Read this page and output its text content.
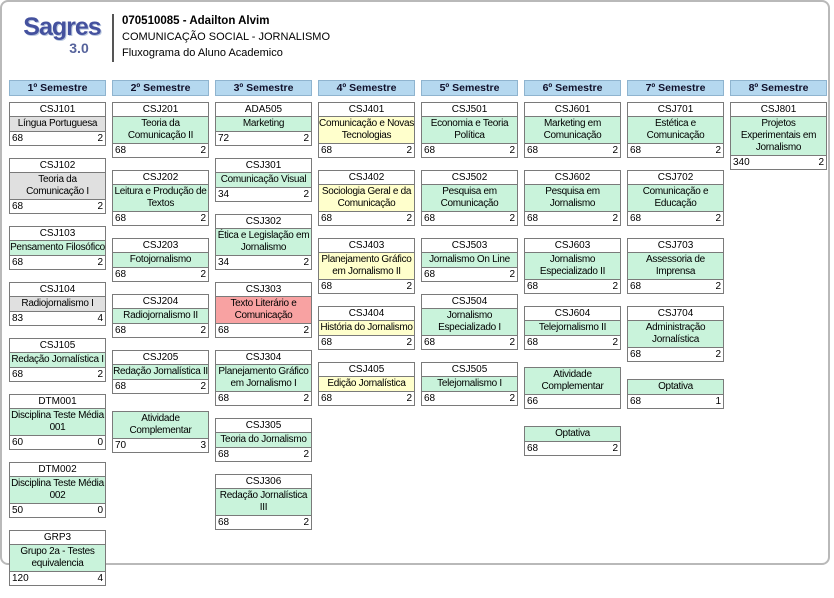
Sagres
3.0
070510085 - Adailton Alvim
COMUNICAÇÃO SOCIAL - JORNALISMO
Fluxograma do Aluno Academico
1º Semestre
CSJ101
Língua Portuguesa
68	2
CSJ102
Teoria da Comunicação I
68	2
CSJ103
Pensamento Filosófico
68	2
CSJ104
Radiojornalismo I
83	4
CSJ105
Redação Jornalística I
68	2
DTM001
Disciplina Teste Média 001
60	0
DTM002
Disciplina Teste Média 002
50	0
GRP3
Grupo 2a - Testes equivalencia
120	4
2º Semestre
CSJ201
Teoria da Comunicação II
68	2
CSJ202
Leitura e Produção de Textos
68	2
CSJ203
Fotojornalismo
68	2
CSJ204
Radiojornalismo II
68	2
CSJ205
Redação Jornalística II
68	2
Atividade Complementar
70	3
3º Semestre
ADA505
Marketing
72	2
CSJ301
Comunicação Visual
34	2
CSJ302
Ética e Legislação em Jornalismo
34	2
CSJ303
Texto Literário e Comunicação
68	2
CSJ304
Planejamento Gráfico em Jornalismo I
68	2
CSJ305
Teoria do Jornalismo
68	2
CSJ306
Redação Jornalística III
68	2
4º Semestre
CSJ401
Comunicação e Novas Tecnologias
68	2
CSJ402
Sociologia Geral e da Comunicação
68	2
CSJ403
Planejamento Gráfico em Jornalismo II
68	2
CSJ404
História do Jornalismo
68	2
CSJ405
Edição Jornalística
68	2
5º Semestre
CSJ501
Economia e Teoria Política
68	2
CSJ502
Pesquisa em Comunicação
68	2
CSJ503
Jornalismo On Line
68	2
CSJ504
Jornalismo Especializado I
68	2
CSJ505
Telejornalismo I
68	2
6º Semestre
CSJ601
Marketing em Comunicação
68	2
CSJ602
Pesquisa em Jornalismo
68	2
CSJ603
Jornalismo Especializado II
68	2
CSJ604
Telejornalismo II
68	2
Atividade Complementar
66
Optativa
68	2
7º Semestre
CSJ701
Estética e Comunicação
68	2
CSJ702
Comunicação e Educação
68	2
CSJ703
Assessoria de Imprensa
68	2
CSJ704
Administração Jornalística
68	2
Optativa
68	1
8º Semestre
CSJ801
Projetos Experimentais em Jornalismo
340	2
